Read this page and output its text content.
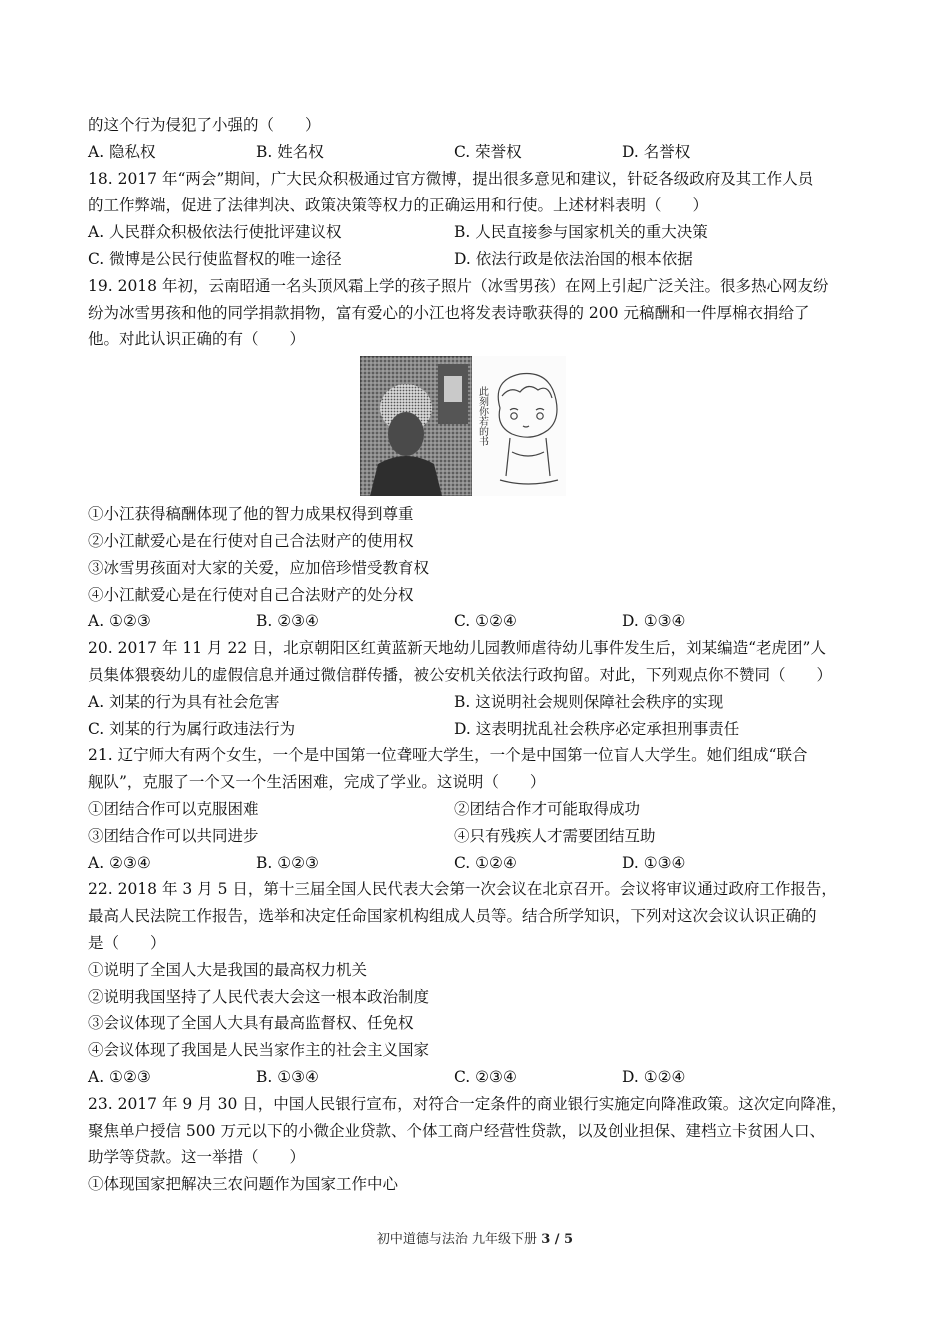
的这个行为侵犯了小强的（　　）
A. 隐私权	B. 姓名权	C. 荣誉权	D. 名誉权
18. 2017 年“两会”期间，广大民众积极通过官方微博，提出很多意见和建议，针砭各级政府及其工作人员
的工作弊端，促进了法律判决、政策决策等权力的正确运用和行使。上述材料表明（　　）
A. 人民群众积极依法行使批评建议权	B. 人民直接参与国家机关的重大决策
C. 微博是公民行使监督权的唯一途径	D. 依法行政是依法治国的根本依据
19. 2018 年初，云南昭通一名头顶风霜上学的孩子照片（冰雪男孩）在网上引起广泛关注。很多热心网友纷
纷为冰雪男孩和他的同学捐款捐物，富有爱心的小江也将发表诗歌获得的 200 元稿酬和一件厚棉衣捐给了
他。对此认识正确的有（　　）
此刻你若的书
①小江获得稿酬体现了他的智力成果权得到尊重
②小江献爱心是在行使对自己合法财产的使用权
③冰雪男孩面对大家的关爱，应加倍珍惜受教育权
④小江献爱心是在行使对自己合法财产的处分权
A. ①②③	B. ②③④	C. ①②④	D. ①③④
20. 2017 年 11 月 22 日，北京朝阳区红黄蓝新天地幼儿园教师虐待幼儿事件发生后，刘某编造“老虎团”人
员集体猥亵幼儿的虚假信息并通过微信群传播，被公安机关依法行政拘留。对此，下列观点你不赞同（　　）
A. 刘某的行为具有社会危害	B. 这说明社会规则保障社会秩序的实现
C. 刘某的行为属行政违法行为	D. 这表明扰乱社会秩序必定承担刑事责任
21. 辽宁师大有两个女生，一个是中国第一位聋哑大学生，一个是中国第一位盲人大学生。她们组成“联合
舰队”，克服了一个又一个生活困难，完成了学业。这说明（　　）
①团结合作可以克服困难	②团结合作才可能取得成功
③团结合作可以共同进步	④只有残疾人才需要团结互助
A. ②③④	B. ①②③	C. ①②④	D. ①③④
22. 2018 年 3 月 5 日，第十三届全国人民代表大会第一次会议在北京召开。会议将审议通过政府工作报告，
最高人民法院工作报告，选举和决定任命国家机构组成人员等。结合所学知识，下列对这次会议认识正确的
是（　　）
①说明了全国人大是我国的最高权力机关
②说明我国坚持了人民代表大会这一根本政治制度
③会议体现了全国人大具有最高监督权、任免权
④会议体现了我国是人民当家作主的社会主义国家
A. ①②③	B. ①③④	C. ②③④	D. ①②④
23. 2017 年 9 月 30 日，中国人民银行宣布，对符合一定条件的商业银行实施定向降准政策。这次定向降准，
聚焦单户授信 500 万元以下的小微企业贷款、个体工商户经营性贷款，以及创业担保、建档立卡贫困人口、
助学等贷款。这一举措（　　）
①体现国家把解决三农问题作为国家工作中心
初中道德与法治 九年级下册 3 / 5
